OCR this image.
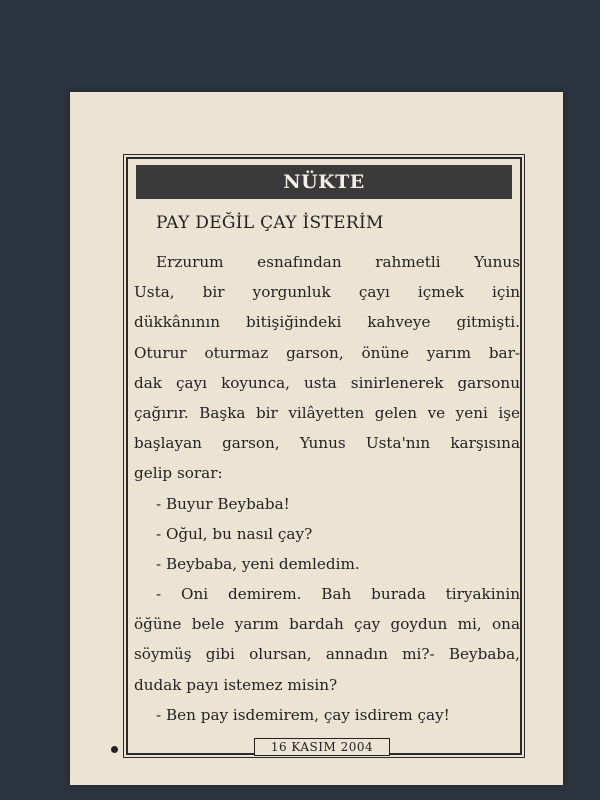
NÜKTE
PAY DEĞİL ÇAY İSTERİM
Erzurum esnafından rahmetli Yunus
Usta, bir yorgunluk çayı içmek için
dükkânının bitişiğindeki kahveye gitmişti.
Oturur oturmaz garson, önüne yarım bar-
dak çayı koyunca, usta sinirlenerek garsonu
çağırır. Başka bir vilâyetten gelen ve yeni işe
başlayan garson, Yunus Usta'nın karşısına
gelip sorar:
- Buyur Beybaba!
- Oğul, bu nasıl çay?
- Beybaba, yeni demledim.
- Oni demirem. Bah burada tiryakinin
öğüne bele yarım bardah çay goydun mi, ona
söymüş gibi olursan, annadın mi?- Beybaba,
dudak payı istemez misin?
- Ben pay isdemirem, çay isdirem çay!
16 KASIM 2004
